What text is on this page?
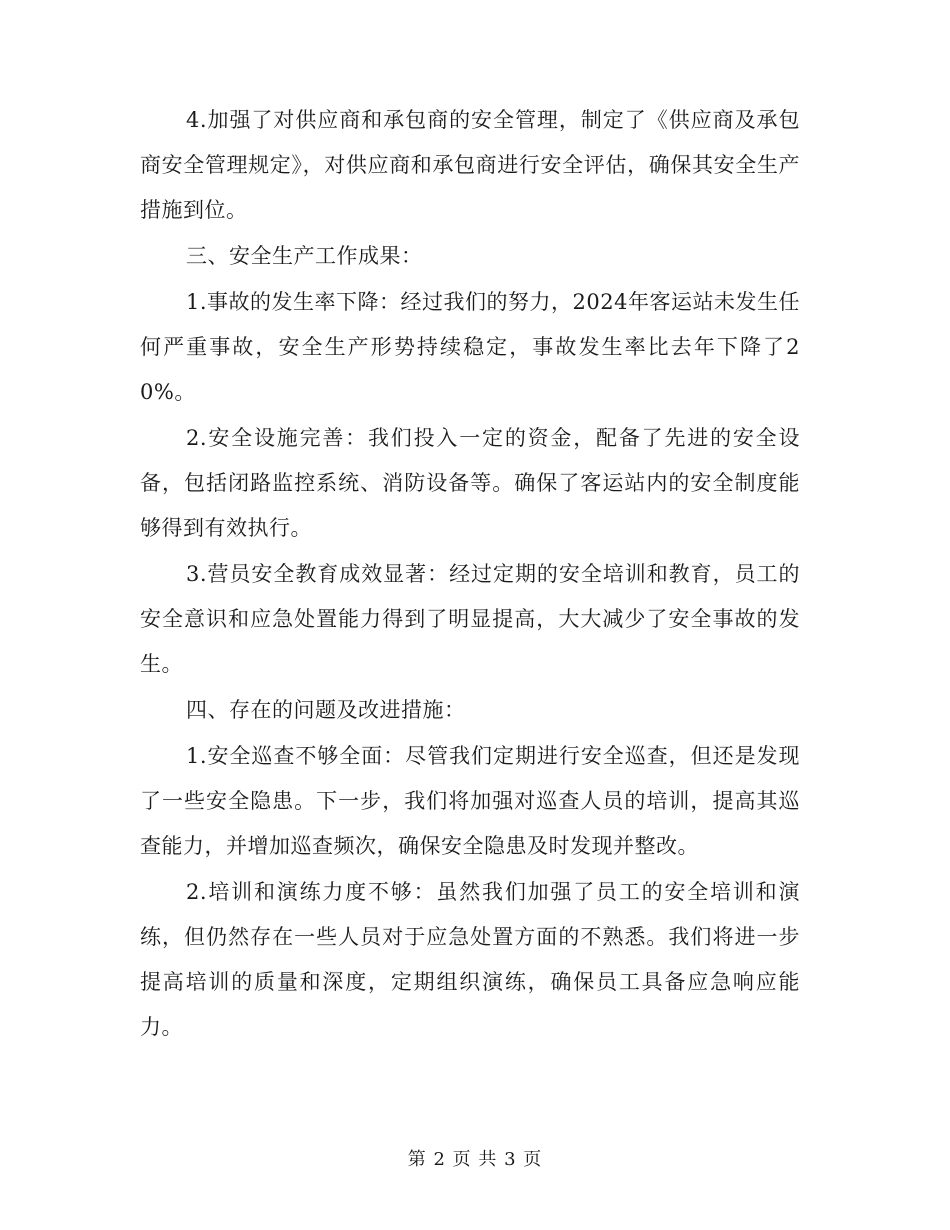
4.加强了对供应商和承包商的安全管理，制定了《供应商及承包商安全管理规定》，对供应商和承包商进行安全评估，确保其安全生产措施到位。

三、安全生产工作成果：

1.事故的发生率下降：经过我们的努力，2024年客运站未发生任何严重事故，安全生产形势持续稳定，事故发生率比去年下降了20%。

2.安全设施完善：我们投入一定的资金，配备了先进的安全设备，包括闭路监控系统、消防设备等。确保了客运站内的安全制度能够得到有效执行。

3.营员安全教育成效显著：经过定期的安全培训和教育，员工的安全意识和应急处置能力得到了明显提高，大大减少了安全事故的发生。

四、存在的问题及改进措施：

1.安全巡查不够全面：尽管我们定期进行安全巡查，但还是发现了一些安全隐患。下一步，我们将加强对巡查人员的培训，提高其巡查能力，并增加巡查频次，确保安全隐患及时发现并整改。

2.培训和演练力度不够：虽然我们加强了员工的安全培训和演练，但仍然存在一些人员对于应急处置方面的不熟悉。我们将进一步提高培训的质量和深度，定期组织演练，确保员工具备应急响应能力。

第 2 页 共 3 页
